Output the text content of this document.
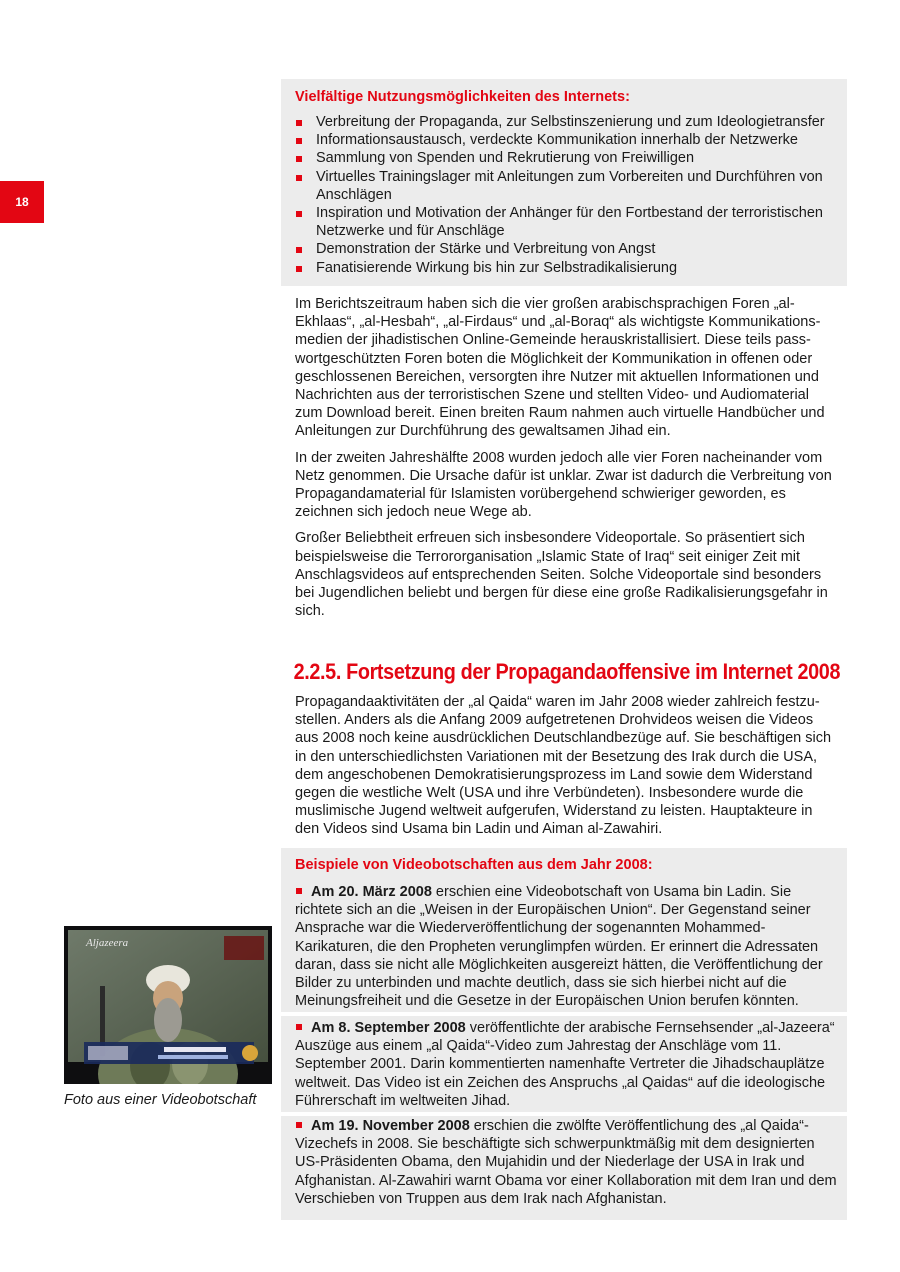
18

Vielfältige Nutzungsmöglichkeiten des Internets:

Verbreitung der Propaganda, zur Selbstinszenierung und zum Ideologietransfer
Informationsaustausch, verdeckte Kommunikation innerhalb der Netzwerke
Sammlung von Spenden und Rekrutierung von Freiwilligen
Virtuelles Trainingslager mit Anleitungen zum Vorbereiten und Durchführen von Anschlägen
Inspiration und Motivation der Anhänger für den Fortbestand der terroristischen Netzwerke und für Anschläge
Demonstration der Stärke und Verbreitung von Angst
Fanatisierende Wirkung bis hin zur Selbstradikalisierung

Im Berichtszeitraum haben sich die vier großen arabischsprachigen Foren „al-Ekhlaas“, „al-Hesbah“, „al-Firdaus“ und „al-Boraq“ als wichtigste Kommunikationsmedien der jihadistischen Online-Gemeinde herauskristallisiert. Diese teils passwortgeschützten Foren boten die Möglichkeit der Kommunikation in offenen oder geschlossenen Bereichen, versorgten ihre Nutzer mit aktuellen Informationen und Nachrichten aus der terroristischen Szene und stellten Video- und Audiomaterial zum Download bereit. Einen breiten Raum nahmen auch virtuelle Handbücher und Anleitungen zur Durchführung des gewaltsamen Jihad ein.

In der zweiten Jahreshälfte 2008 wurden jedoch alle vier Foren nacheinander vom Netz genommen. Die Ursache dafür ist unklar. Zwar ist dadurch die Verbreitung von Propagandamaterial für Islamisten vorübergehend schwieriger geworden, es zeichnen sich jedoch neue Wege ab.

Großer Beliebtheit erfreuen sich insbesondere Videoportale. So präsentiert sich beispielsweise die Terrororganisation „Islamic State of Iraq“ seit einiger Zeit mit Anschlagsvideos auf entsprechenden Seiten. Solche Videoportale sind besonders bei Jugendlichen beliebt und bergen für diese eine große Radikalisierungsgefahr in sich.

2.2.5. Fortsetzung der Propagandaoffensive im Internet 2008

Propagandaaktivitäten der „al Qaida“ waren im Jahr 2008 wieder zahlreich festzustellen. Anders als die Anfang 2009 aufgetretenen Drohvideos weisen die Videos aus 2008 noch keine ausdrücklichen Deutschlandbezüge auf. Sie beschäftigen sich in den unterschiedlichsten Variationen mit der Besetzung des Irak durch die USA, dem angeschobenen Demokratisierungsprozess im Land sowie dem Widerstand gegen die westliche Welt (USA und ihre Verbündeten). Insbesondere wurde die muslimische Jugend weltweit aufgerufen, Widerstand zu leisten. Hauptakteure in den Videos sind Usama bin Ladin und Aiman al-Zawahiri.

Beispiele von Videobotschaften aus dem Jahr 2008:

Am 20. März 2008 erschien eine Videobotschaft von Usama bin Ladin. Sie richtete sich an die „Weisen in der Europäischen Union“. Der Gegenstand seiner Ansprache war die Wiederveröffentlichung der sogenannten Mohammed-Karikaturen, die den Propheten verunglimpfen würden. Er erinnert die Adressaten daran, dass sie nicht alle Möglichkeiten ausgereizt hätten, die Veröffentlichung der Bilder zu unterbinden und machte deutlich, dass sie sich hierbei nicht auf die Meinungsfreiheit und die Gesetze in der Europäischen Union berufen könnten.
Am 8. September 2008 veröffentlichte der arabische Fernsehsender „al-Jazeera“ Auszüge aus einem „al Qaida“-Video zum Jahrestag der Anschläge vom 11. September 2001. Darin kommentierten namenhafte Vertreter die Jihadschauplätze weltweit. Das Video ist ein Zeichen des Anspruchs „al Qaidas“ auf die ideologische Führerschaft im weltweiten Jihad.
Am 19. November 2008 erschien die zwölfte Veröffentlichung des „al Qaida“-Vizechefs in 2008. Sie beschäftigte sich schwerpunktmäßig mit dem designierten US-Präsidenten Obama, den Mujahidin und der Niederlage der USA in Irak und Afghanistan. Al-Zawahiri warnt Obama vor einer Kollaboration mit dem Iran und dem Verschieben von Truppen aus dem Irak nach Afghanistan.
Aljazeera
Foto aus einer Videobotschaft
